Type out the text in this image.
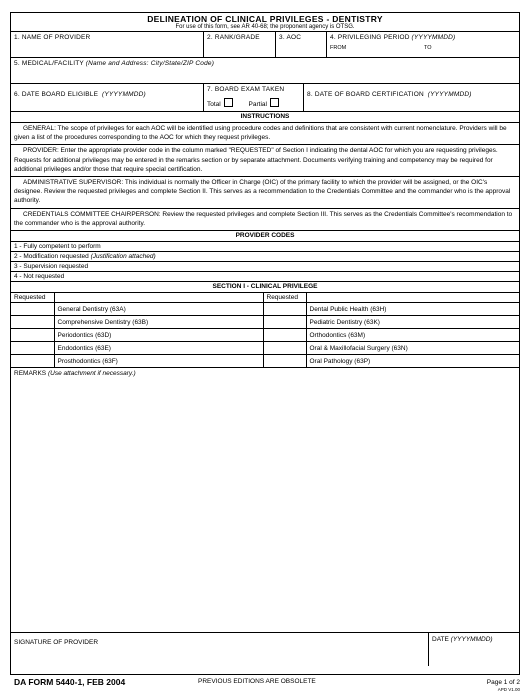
DELINEATION OF CLINICAL PRIVILEGES - DENTISTRY
For use of this form, see AR 40-68; the proponent agency is OTSG.
1. NAME OF PROVIDER	2. RANK/GRADE	3. AOC	4. PRIVILEGING PERIOD (YYYYMMDD)
FROM	TO
5. MEDICAL/FACILITY (Name and Address: City/State/ZIP Code)
6. DATE BOARD ELIGIBLE (YYYYMMDD)
7. BOARD EXAM TAKEN
Total	Partial
8. DATE OF BOARD CERTIFICATION (YYYYMMDD)
INSTRUCTIONS
GENERAL: The scope of privileges for each AOC will be identified using procedure codes and definitions that are consistent with current nomenclature. Providers will be given a list of the procedures corresponding to the AOC for which they request privileges.
PROVIDER: Enter the appropriate provider code in the column marked "REQUESTED" of Section I indicating the dental AOC for which you are requesting privileges. Requests for additional privileges may be entered in the remarks section or by separate attachment. Documents verifying training and competency may be required for additional privileges and/or those that require special certification.
ADMINISTRATIVE SUPERVISOR: This individual is normally the Officer in Charge (OIC) of the primary facility to which the provider will be assigned, or the OIC's designee. Review the requested privileges and complete Section II. This serves as a recommendation to the Credentials Committee and the commander who is the approval authority.
CREDENTIALS COMMITTEE CHAIRPERSON: Review the requested privileges and complete Section III. This serves as the Credentials Committee's recommendation to the commander who is the approval authority.
PROVIDER CODES
1 - Fully competent to perform
2 - Modification requested (Justification attached)
3 - Supervision requested
4 - Not requested
SECTION I - CLINICAL PRIVILEGE
Requested		Requested	
	General Dentistry (63A)		Dental Public Health (63H)
	Comprehensive Dentistry (63B)		Pediatric Dentistry (63K)
	Periodontics (63D)		Orthodontics (63M)
	Endodontics (63E)		Oral & Maxillofacial Surgery (63N)
	Prosthodontics (63F)		Oral Pathology (63P)
REMARKS (Use attachment if necessary.)
SIGNATURE OF PROVIDER	DATE (YYYYMMDD)
DA FORM 5440-1, FEB 2004	PREVIOUS EDITIONS ARE OBSOLETE	Page 1 of 2
APD V1.00
